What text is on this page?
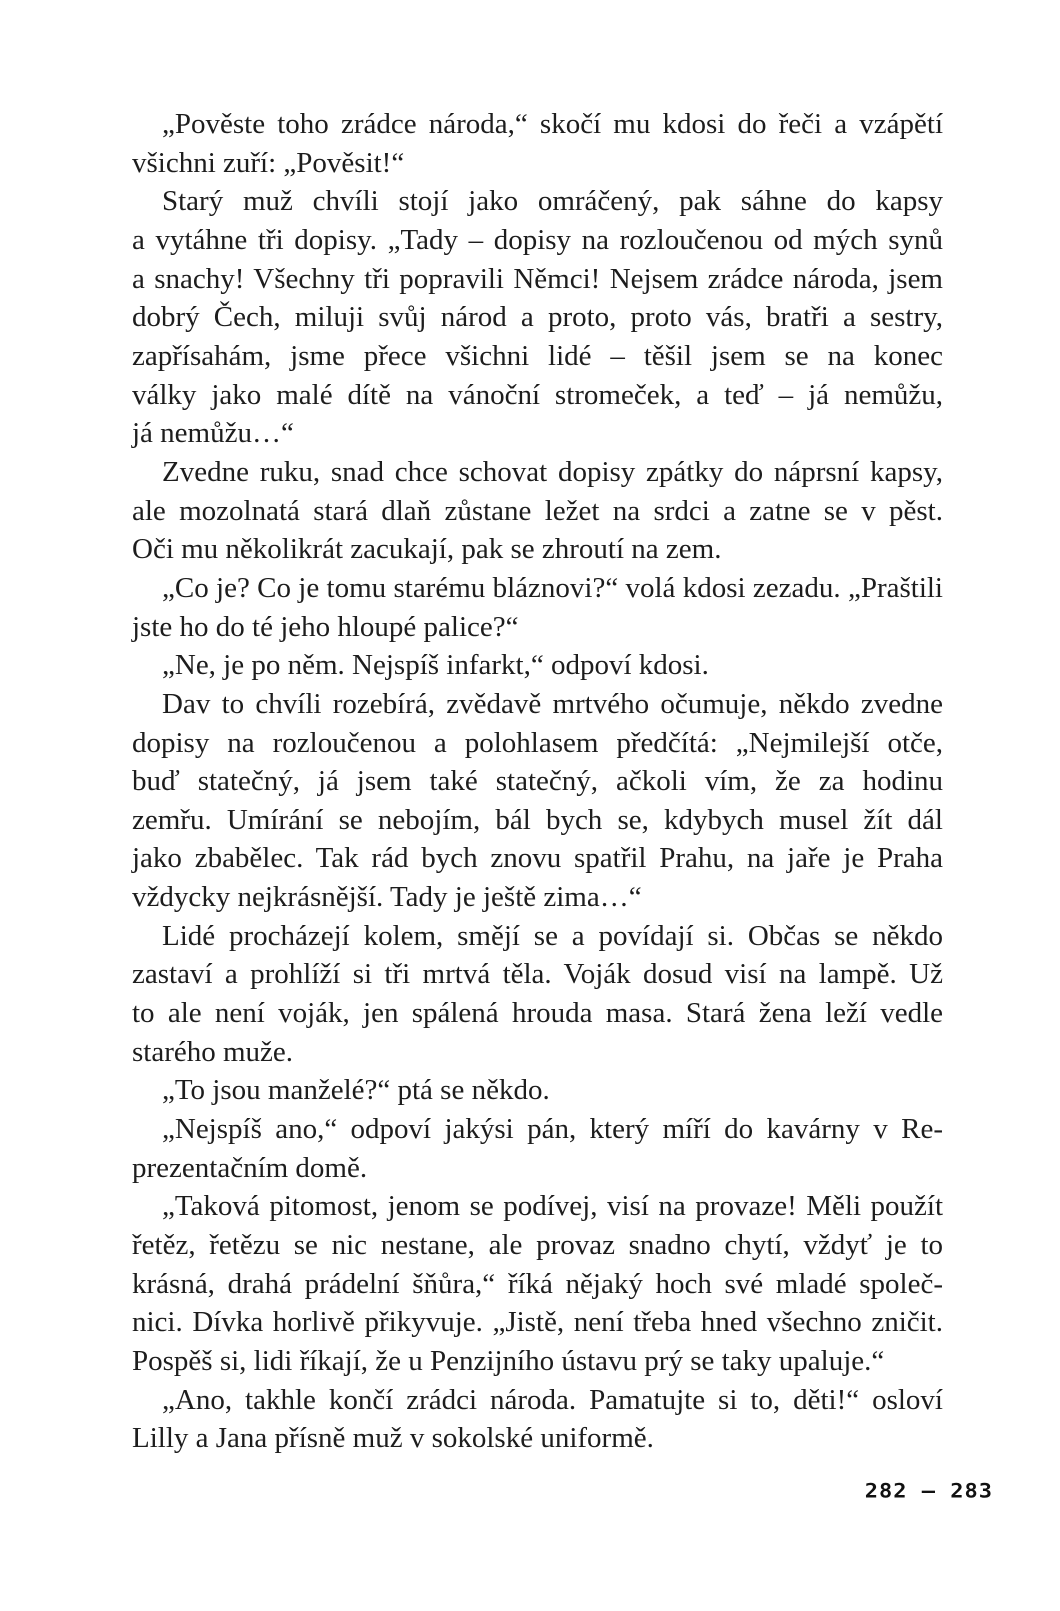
„Pověste toho zrádce národa,“ skočí mu kdosi do řeči a vzápětí
všichni zuří: „Pověsit!“

Starý muž chvíli stojí jako omráčený, pak sáhne do kapsy
a vytáhne tři dopisy. „Tady – dopisy na rozloučenou od mých synů
a snachy! Všechny tři popravili Němci! Nejsem zrádce národa, jsem
dobrý Čech, miluji svůj národ a proto, proto vás, bratři a sestry,
zapřísahám, jsme přece všichni lidé – těšil jsem se na konec
války jako malé dítě na vánoční stromeček, a teď – já nemůžu,
já nemůžu…“

Zvedne ruku, snad chce schovat dopisy zpátky do náprsní kapsy,
ale mozolnatá stará dlaň zůstane ležet na srdci a zatne se v pěst.
Oči mu několikrát zacukají, pak se zhroutí na zem.

„Co je? Co je tomu starému bláznovi?“ volá kdosi zezadu. „Praštili
jste ho do té jeho hloupé palice?“

„Ne, je po něm. Nejspíš infarkt,“ odpoví kdosi.

Dav to chvíli rozebírá, zvědavě mrtvého očumuje, někdo zvedne
dopisy na rozloučenou a polohlasem předčítá: „Nejmilejší otče,
buď statečný, já jsem také statečný, ačkoli vím, že za hodinu
zemřu. Umírání se nebojím, bál bych se, kdybych musel žít dál
jako zbabělec. Tak rád bych znovu spatřil Prahu, na jaře je Praha
vždycky nejkrásnější. Tady je ještě zima…“

Lidé procházejí kolem, smějí se a povídají si. Občas se někdo
zastaví a prohlíží si tři mrtvá těla. Voják dosud visí na lampě. Už
to ale není voják, jen spálená hrouda masa. Stará žena leží vedle
starého muže.

„To jsou manželé?“ ptá se někdo.

„Nejspíš ano,“ odpoví jakýsi pán, který míří do kavárny v Re-
prezentačním domě.

„Taková pitomost, jenom se podívej, visí na provaze! Měli použít
řetěz, řetězu se nic nestane, ale provaz snadno chytí, vždyť je to
krásná, drahá prádelní šňůra,“ říká nějaký hoch své mladé společ-
nici. Dívka horlivě přikyvuje. „Jistě, není třeba hned všechno zničit.
Pospěš si, lidi říkají, že u Penzijního ústavu prý se taky upaluje.“

„Ano, takhle končí zrádci národa. Pamatujte si to, děti!“ osloví
Lilly a Jana přísně muž v sokolské uniformě.

282 – 283
